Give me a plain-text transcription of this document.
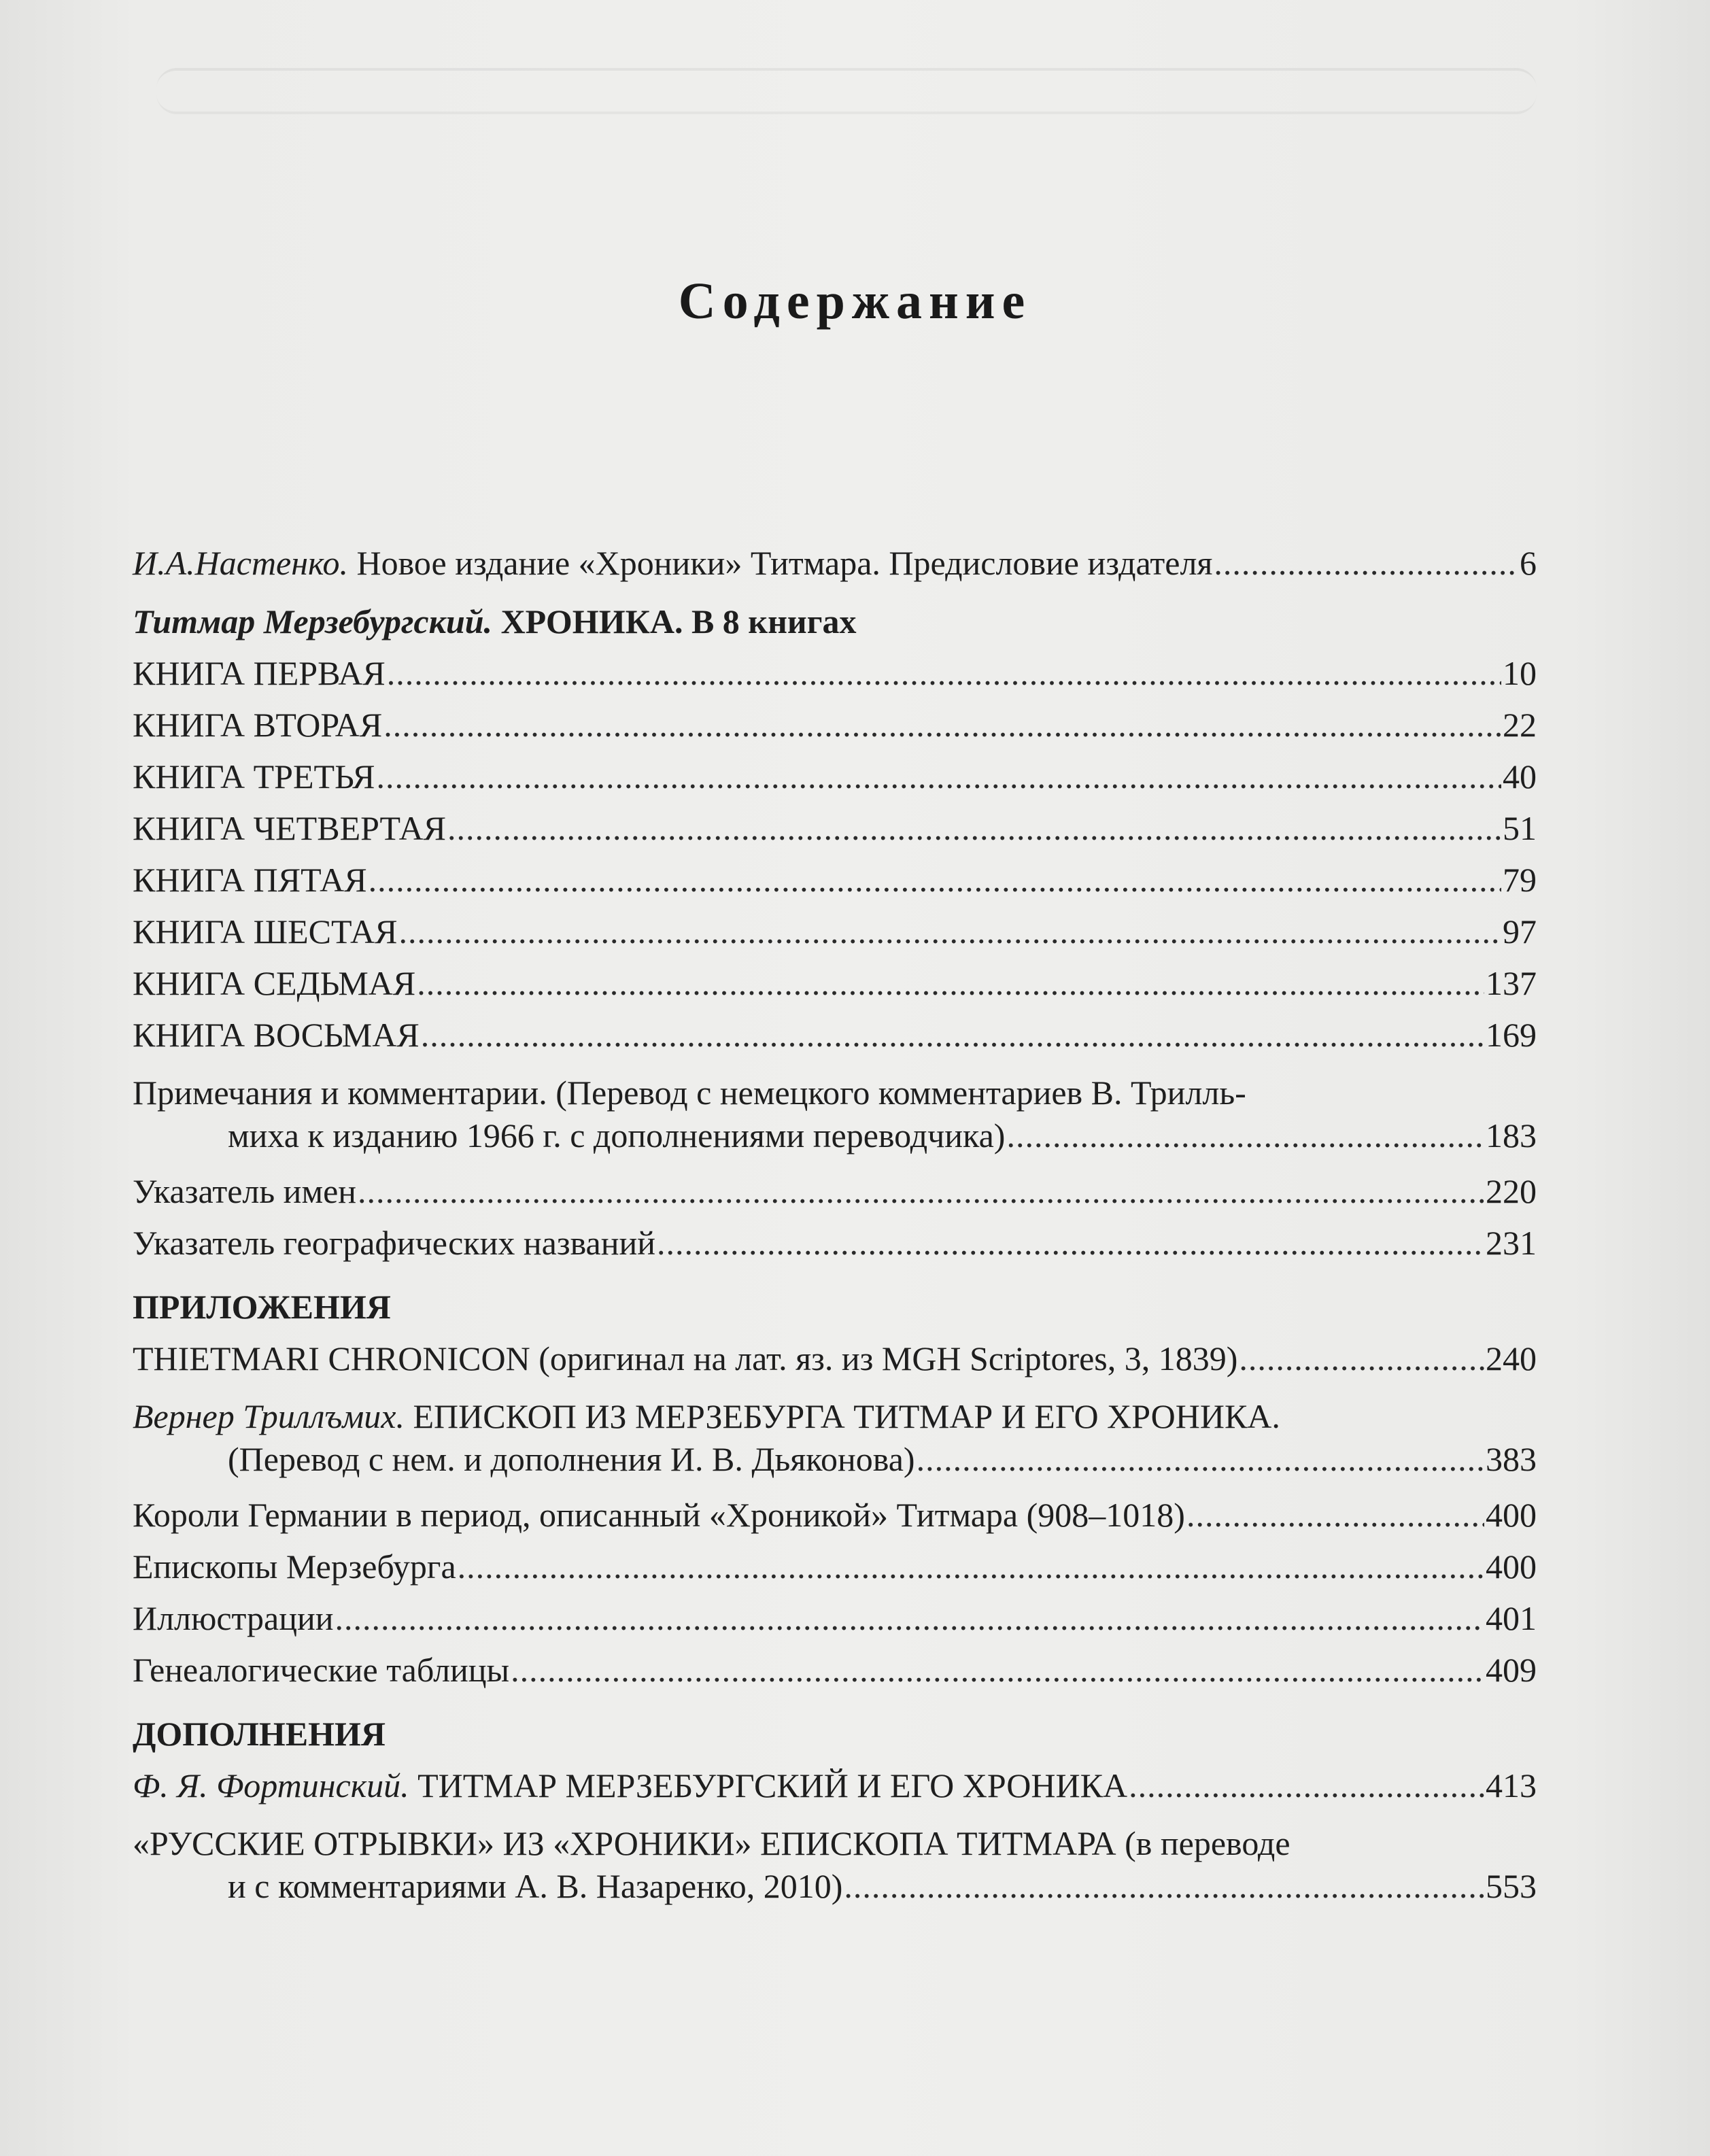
Содержание
И.А.Настенко. Новое издание «Хроники» Титмара. Предисловие издателя .....	6
Титмар Мерзебургский. ХРОНИКА. В 8 книгах
КНИГА ПЕРВАЯ .....	10
КНИГА ВТОРАЯ .....	22
КНИГА ТРЕТЬЯ .....	40
КНИГА ЧЕТВЕРТАЯ .....	51
КНИГА ПЯТАЯ .....	79
КНИГА ШЕСТАЯ .....	97
КНИГА СЕДЬМАЯ .....	137
КНИГА ВОСЬМАЯ .....	169
Примечания и комментарии. (Перевод с немецкого комментариев В. Трилль-
миха к изданию 1966 г. с дополнениями переводчика) .....	183
Указатель имен .....	220
Указатель географических названий .....	231
ПРИЛОЖЕНИЯ
THIETMARI CHRONICON (оригинал на лат. яз. из MGH Scriptores, 3, 1839) .....	240
Вернер Триллъмих. ЕПИСКОП ИЗ МЕРЗЕБУРГА ТИТМАР И ЕГО ХРОНИКА.
(Перевод с нем. и дополнения И. В. Дьяконова) .....	383
Короли Германии в период, описанный «Хроникой» Титмара (908–1018) .....	400
Епископы Мерзебурга .....	400
Иллюстрации .....	401
Генеалогические таблицы .....	409
ДОПОЛНЕНИЯ
Ф. Я. Фортинский. ТИТМАР МЕРЗЕБУРГСКИЙ И ЕГО ХРОНИКА .....	413
«РУССКИЕ ОТРЫВКИ» ИЗ «ХРОНИКИ» ЕПИСКОПА ТИТМАРА (в переводе
и с комментариями А. В. Назаренко, 2010) .....	553
